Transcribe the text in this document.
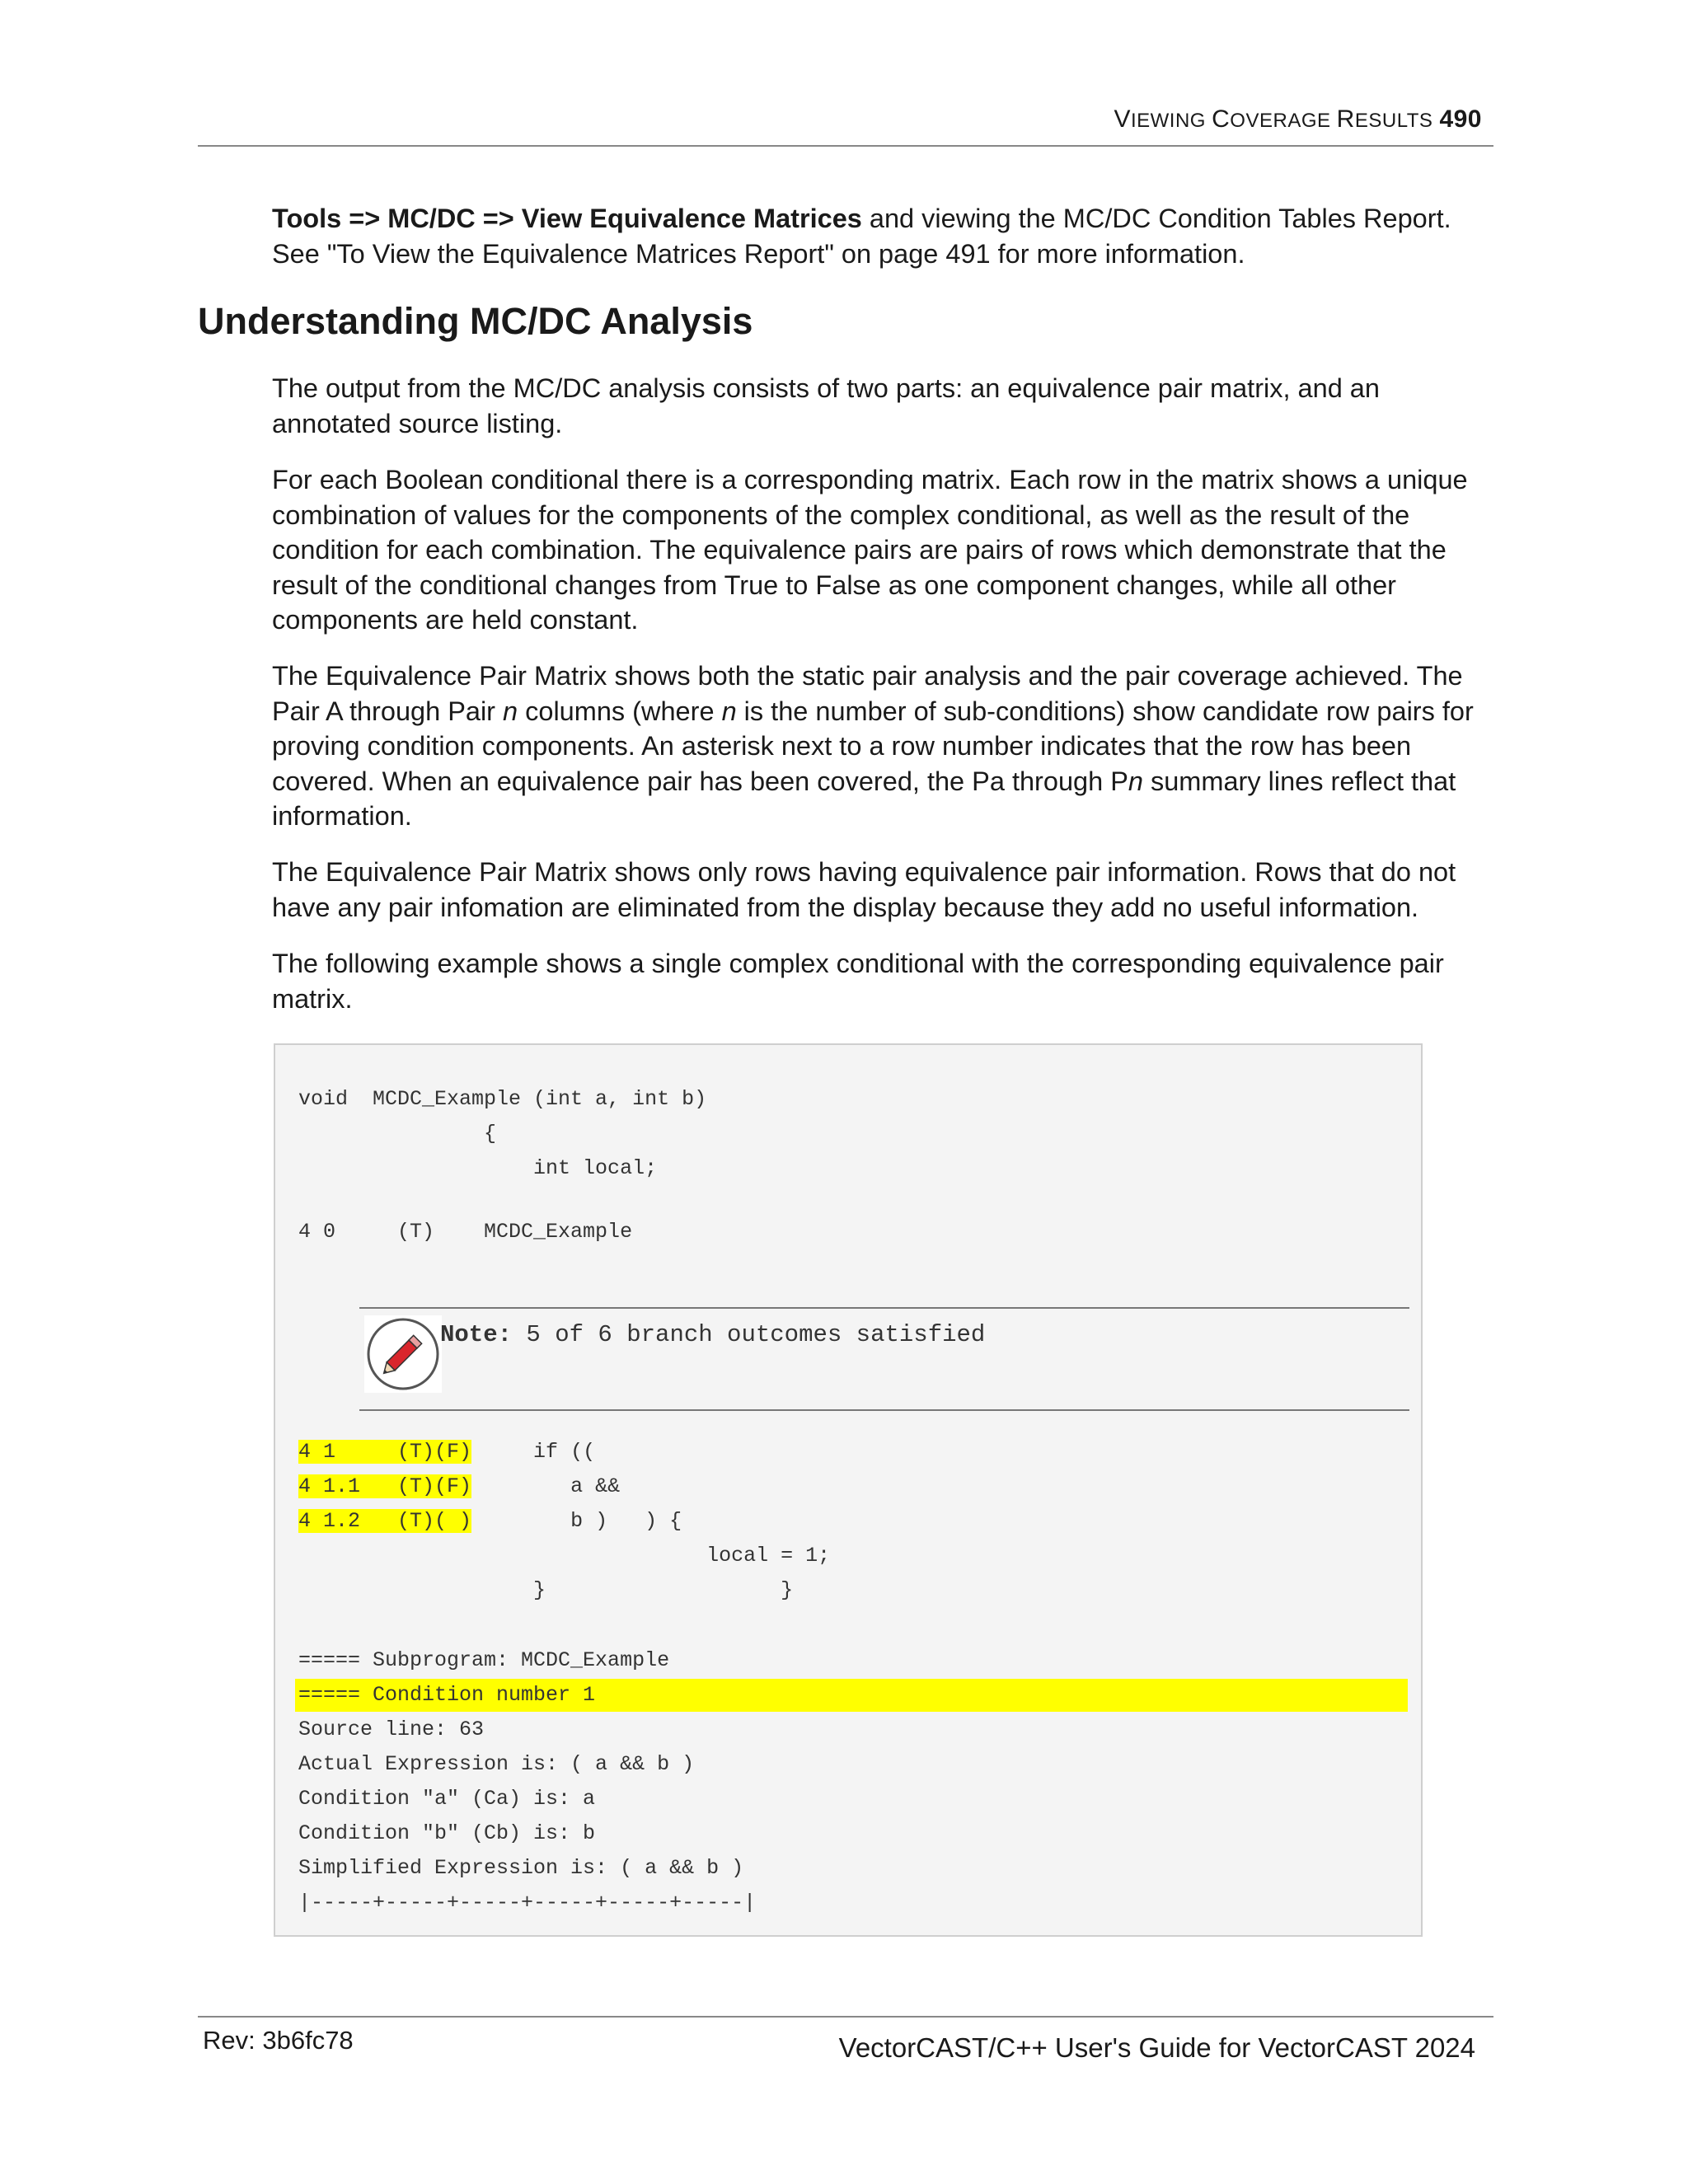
VIEWING COVERAGE RESULTS 490

Tools => MC/DC => View Equivalence Matrices and viewing the MC/DC Condition Tables Report. See "To View the Equivalence Matrices Report" on page 491 for more information.

Understanding MC/DC Analysis

The output from the MC/DC analysis consists of two parts: an equivalence pair matrix, and an annotated source listing.

For each Boolean conditional there is a corresponding matrix. Each row in the matrix shows a unique combination of values for the components of the complex conditional, as well as the result of the condition for each combination. The equivalence pairs are pairs of rows which demonstrate that the result of the conditional changes from True to False as one component changes, while all other components are held constant.

The Equivalence Pair Matrix shows both the static pair analysis and the pair coverage achieved. The Pair A through Pair n columns (where n is the number of sub-conditions) show candidate row pairs for proving condition components. An asterisk next to a row number indicates that the row has been covered. When an equivalence pair has been covered, the Pa through Pn summary lines reflect that information.

The Equivalence Pair Matrix shows only rows having equivalence pair information. Rows that do not have any pair infomation are eliminated from the display because they add no useful information.

The following example shows a single complex conditional with the corresponding equivalence pair matrix.

void  MCDC_Example (int a, int b)
{
int local;
4 0     (T)    MCDC_Example
Note: 5 of 6 branch outcomes satisfied
4 1     (T)(F)     if ((
4 1.1   (T)(F)        a &&
4 1.2   (T)( )        b )   ) {
local = 1;
}                   }
===== Subprogram: MCDC_Example
===== Condition number 1
Source line: 63
Actual Expression is: ( a && b )
Condition "a" (Ca) is: a
Condition "b" (Cb) is: b
Simplified Expression is: ( a && b )
|-----+-----+-----+-----+-----+-----|
Rev: 3b6fc78	VectorCAST/C++ User's Guide for VectorCAST 2024
